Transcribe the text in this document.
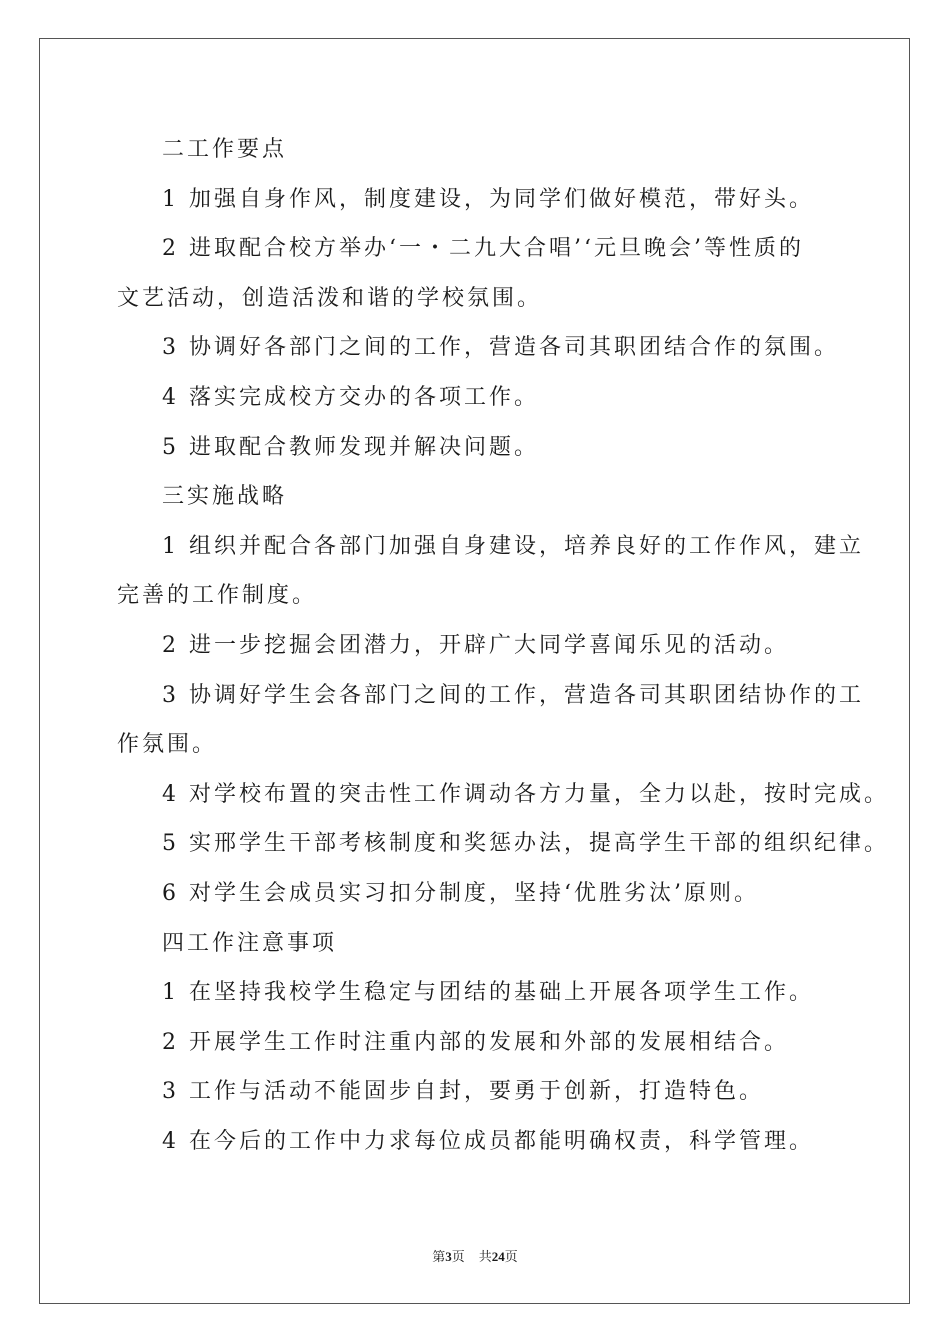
二工作要点
1 加强自身作风，制度建设，为同学们做好模范，带好头。
2 进取配合校方举办‘一・二九大合唱’‘元旦晚会’等性质的
文艺活动，创造活泼和谐的学校氛围。
3 协调好各部门之间的工作，营造各司其职团结合作的氛围。
4 落实完成校方交办的各项工作。
5 进取配合教师发现并解决问题。
三实施战略
1 组织并配合各部门加强自身建设，培养良好的工作作风，建立
完善的工作制度。
2 进一步挖掘会团潜力，开辟广大同学喜闻乐见的活动。
3 协调好学生会各部门之间的工作，营造各司其职团结协作的工
作氛围。
4 对学校布置的突击性工作调动各方力量，全力以赴，按时完成。
5 实邢学生干部考核制度和奖惩办法，提高学生干部的组织纪律。
6 对学生会成员实习扣分制度，坚持‘优胜劣汰’原则。
四工作注意事项
1 在坚持我校学生稳定与团结的基础上开展各项学生工作。
2 开展学生工作时注重内部的发展和外部的发展相结合。
3 工作与活动不能固步自封，要勇于创新，打造特色。
4 在今后的工作中力求每位成员都能明确权责，科学管理。
第3页 共24页
